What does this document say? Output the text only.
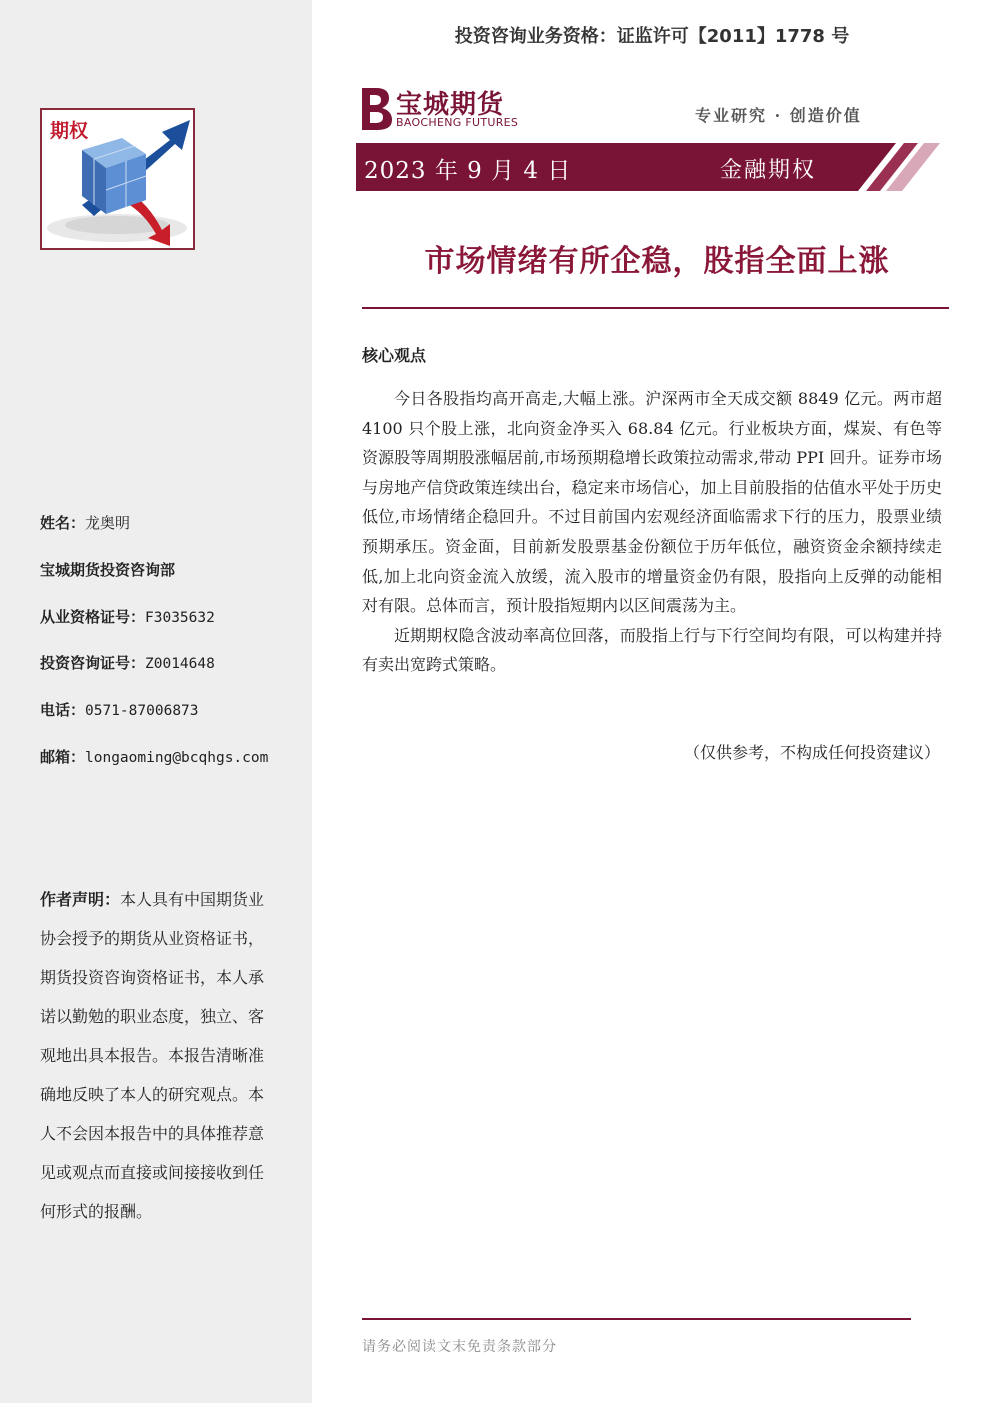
期权
姓名：龙奥明
宝城期货投资咨询部
从业资格证号：F3035632
投资咨询证号：Z0014648
电话：0571-87006873
邮箱：longaoming@bcqhgs.com
作者声明：本人具有中国期货业协会授予的期货从业资格证书，期货投资咨询资格证书，本人承诺以勤勉的职业态度，独立、客观地出具本报告。本报告清晰准确地反映了本人的研究观点。本人不会因本报告中的具体推荐意见或观点而直接或间接接收到任何形式的报酬。
投资咨询业务资格：证监许可【2011】1778 号
宝城期货
BAOCHENG FUTURES	专业研究 · 创造价值
2023 年 9 月 4 日	金融期权
市场情绪有所企稳，股指全面上涨
核心观点

今日各股指均高开高走,大幅上涨。沪深两市全天成交额 8849 亿元。两市超 4100 只个股上涨，北向资金净买入 68.84 亿元。行业板块方面，煤炭、有色等资源股等周期股涨幅居前,市场预期稳增长政策拉动需求,带动 PPI 回升。证券市场与房地产信贷政策连续出台，稳定来市场信心，加上目前股指的估值水平处于历史低位,市场情绪企稳回升。不过目前国内宏观经济面临需求下行的压力，股票业绩预期承压。资金面，目前新发股票基金份额位于历年低位，融资资金余额持续走低,加上北向资金流入放缓，流入股市的增量资金仍有限，股指向上反弹的动能相对有限。总体而言，预计股指短期内以区间震荡为主。

近期期权隐含波动率高位回落，而股指上行与下行空间均有限，可以构建并持有卖出宽跨式策略。

（仅供参考，不构成任何投资建议）
请务必阅读文末免责条款部分
